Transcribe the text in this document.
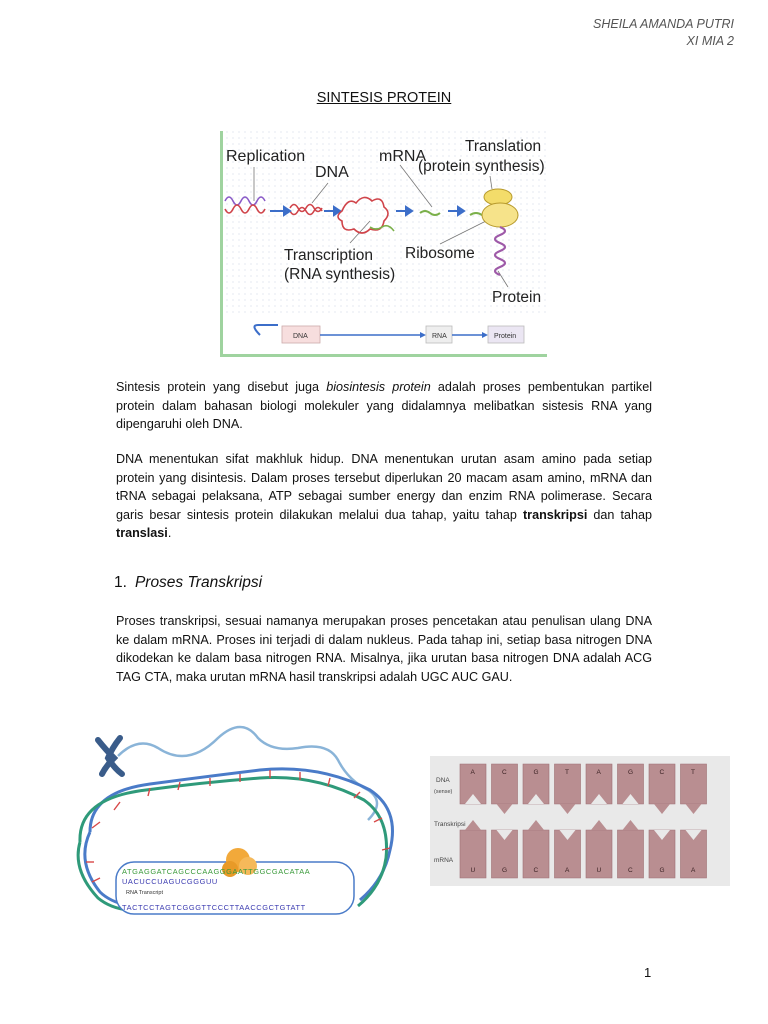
SHEILA AMANDA PUTRI
XI MIA 2
SINTESIS PROTEIN
Replication
DNA
mRNA
Translation
(protein synthesis)
Transcription
(RNA synthesis)
Ribosome
Protein
DNA	RNA	Protein
Sintesis protein yang disebut juga biosintesis protein adalah proses pembentukan partikel protein dalam bahasan biologi molekuler yang didalamnya melibatkan sistesis RNA yang dipengaruhi oleh DNA.
DNA menentukan sifat makhluk hidup. DNA menentukan urutan asam amino pada setiap protein yang disintesis. Dalam proses tersebut diperlukan 20 macam asam amino, mRNA dan tRNA sebagai pelaksana, ATP sebagai sumber energy dan enzim RNA polimerase. Secara garis besar sintesis protein dilakukan melalui dua tahap, yaitu tahap transkripsi dan tahap translasi.
1. Proses Transkripsi
Proses transkripsi, sesuai namanya merupakan proses pencetakan atau penulisan ulang DNA ke dalam mRNA. Proses ini terjadi di dalam nukleus. Pada tahap ini, setiap basa nitrogen DNA dikodekan ke dalam basa nitrogen RNA. Misalnya, jika urutan basa nitrogen DNA adalah ACG TAG CTA, maka urutan mRNA hasil transkripsi adalah UGC AUC GAU.
ATGAGGATCAGCCCAAGGGAATTGGCGACATAA
UACUCCUAGUCGGGUU
RNA Transcript
TACTCCTAGTCGGGTTCCCTTAACCGCTGTATT
DNA
(sense)
Transkripsi
mRNA
A	C	G	T	A	G	C	T
U	G	C	A	U	C	G	A
1
